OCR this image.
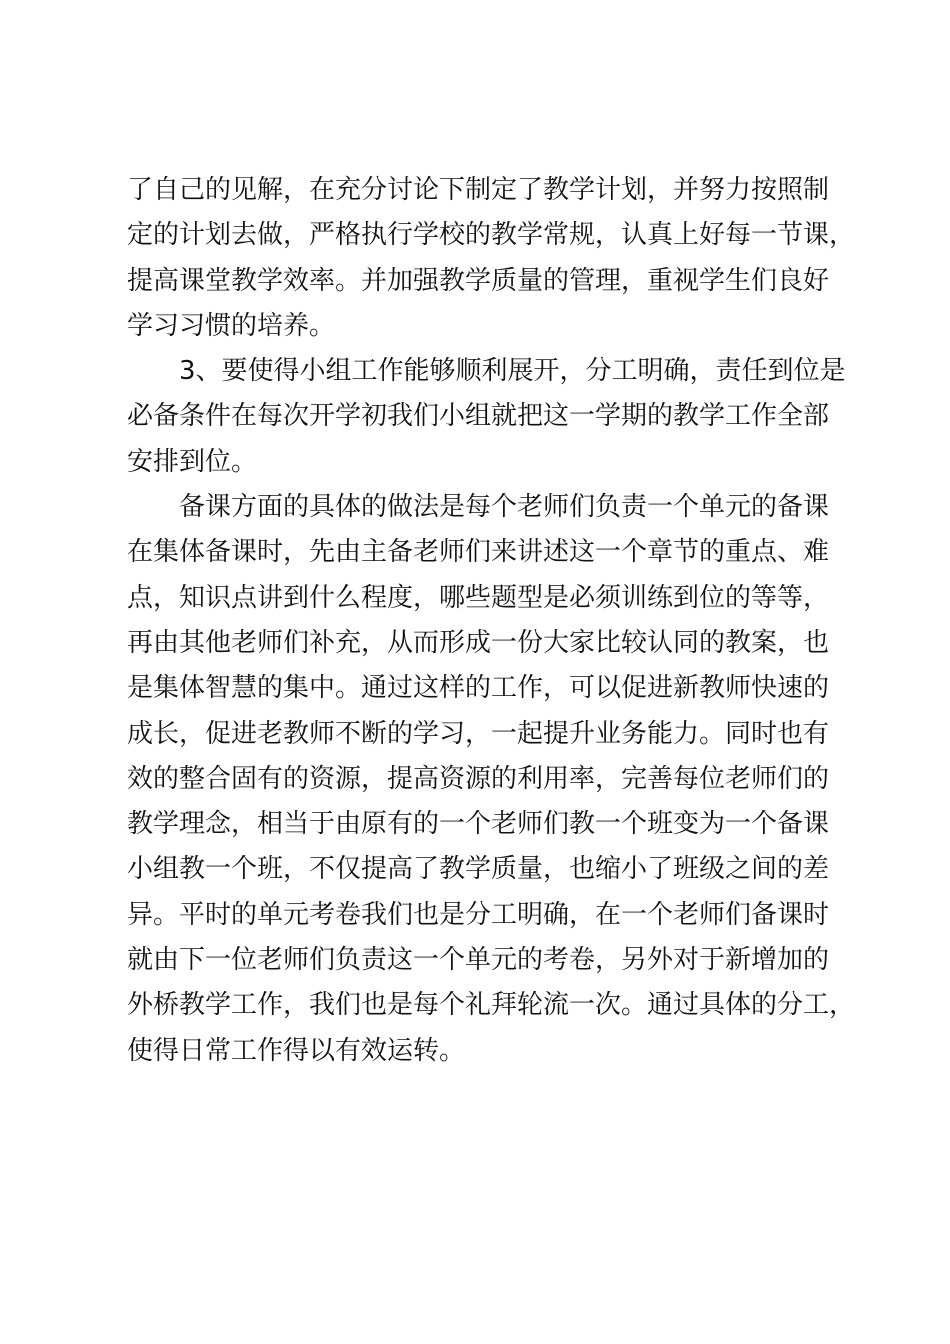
了自己的见解，在充分讨论下制定了教学计划，并努力按照制
定的计划去做，严格执行学校的教学常规，认真上好每一节课，
提高课堂教学效率。并加强教学质量的管理，重视学生们良好
学习习惯的培养。
3、要使得小组工作能够顺利展开，分工明确，责任到位是
必备条件在每次开学初我们小组就把这一学期的教学工作全部
安排到位。
备课方面的具体的做法是每个老师们负责一个单元的备课
在集体备课时，先由主备老师们来讲述这一个章节的重点、难
点，知识点讲到什么程度，哪些题型是必须训练到位的等等，
再由其他老师们补充，从而形成一份大家比较认同的教案，也
是集体智慧的集中。通过这样的工作，可以促进新教师快速的
成长，促进老教师不断的学习，一起提升业务能力。同时也有
效的整合固有的资源，提高资源的利用率，完善每位老师们的
教学理念，相当于由原有的一个老师们教一个班变为一个备课
小组教一个班，不仅提高了教学质量，也缩小了班级之间的差
异。平时的单元考卷我们也是分工明确，在一个老师们备课时
就由下一位老师们负责这一个单元的考卷，另外对于新增加的
外桥教学工作，我们也是每个礼拜轮流一次。通过具体的分工，
使得日常工作得以有效运转。
